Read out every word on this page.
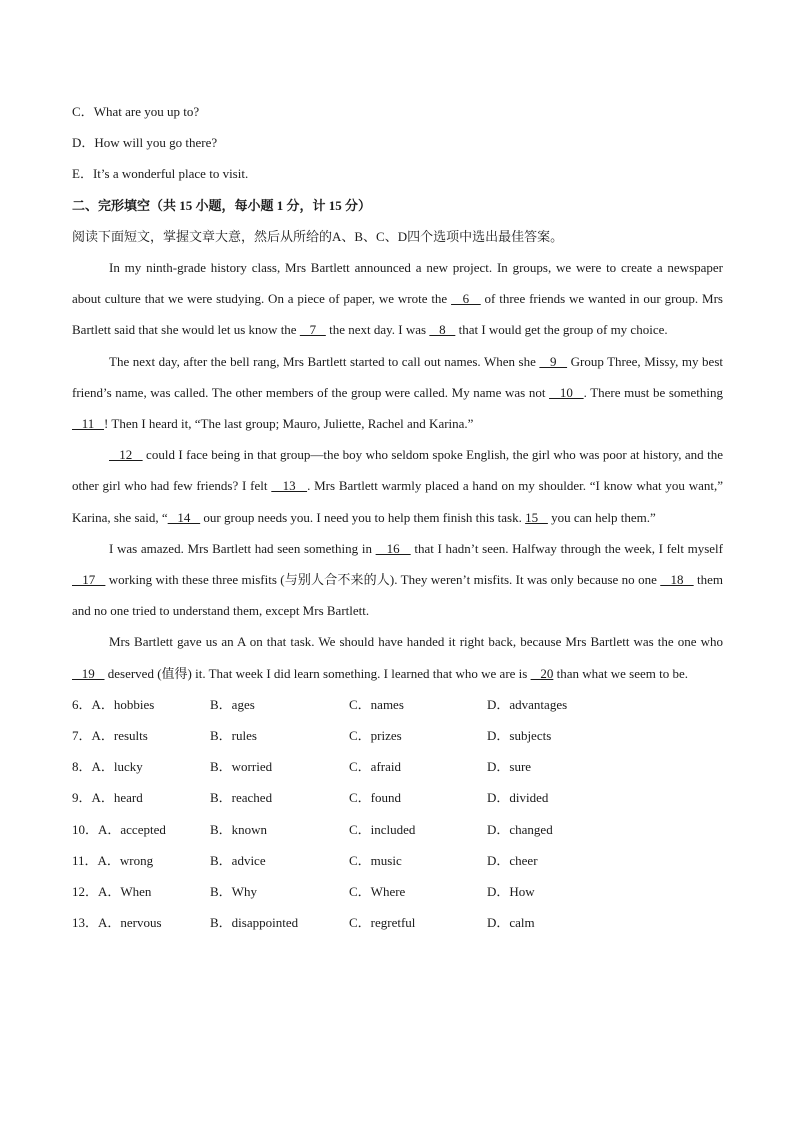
C．What are you up to?
D．How will you go there?
E．It’s a wonderful place to visit.
二、完形填空（共 15 小题，每小题 1 分，计 15 分）
阅读下面短文，掌握文章大意，然后从所给的A、B、C、D四个选项中选出最佳答案。

In my ninth-grade history class, Mrs Bartlett announced a new project. In groups, we were to create a newspaper about culture that we were studying. On a piece of paper, we wrote the    6    of three friends we wanted in our group. Mrs Bartlett said that she would let us know the    7    the next day. I was    8    that I would get the group of my choice.

The next day, after the bell rang, Mrs Bartlett started to call out names. When she    9    Group Three, Missy, my best friend’s name, was called. The other members of the group were called. My name was not    10   . There must be something    11   ! Then I heard it, “The last group; Mauro, Juliette, Rachel and Karina.”

12    could I face being in that group—the boy who seldom spoke English, the girl who was poor at history, and the other girl who had few friends? I felt    13   . Mrs Bartlett warmly placed a hand on my shoulder. “I know what you want,” Karina, she said, “   14    our group needs you. I need you to help them finish this task. 15    you can help them.”

I was amazed. Mrs Bartlett had seen something in    16    that I hadn’t seen. Halfway through the week, I felt myself    17    working with these three misfits (与别人合不来的人). They weren’t misfits. It was only because no one    18    them and no one tried to understand them, except Mrs Bartlett.

Mrs Bartlett gave us an A on that task. We should have handed it right back, because Mrs Bartlett was the one who    19    deserved (值得) it. That week I did learn something. I learned that who we are is    20 than what we seem to be.

6．A．hobbies	B．ages	C．names	D．advantages
7．A．results	B．rules	C．prizes	D．subjects
8．A．lucky	B．worried	C．afraid	D．sure
9．A．heard	B．reached	C．found	D．divided
10．A．accepted	B．known	C．included	D．changed
11．A．wrong	B．advice	C．music	D．cheer
12．A．When	B．Why	C．Where	D．How
13．A．nervous	B．disappointed	C．regretful	D．calm
